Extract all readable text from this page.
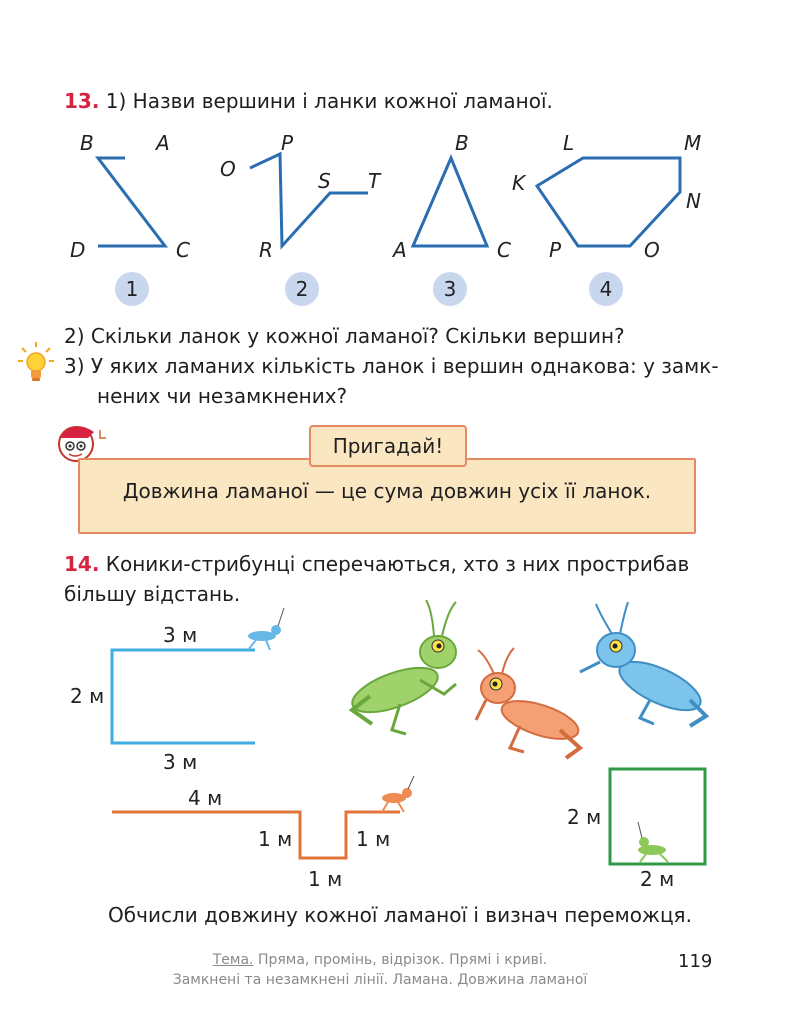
13. 1) Назви вершини і ланки кожної ламаної.
B	A
D	C
O
P
R
S T
B
A	C
L	M
K
N
P	O
1	2	3	4
2) Скільки ланок у кожної ламаної? Скільки вершин?
3) У яких ламаних кількість ланок і вершин однакова: у замк-
нених чи незамкнених?
Пригадай!
Довжина ламаної — це сума довжин усіх її ланок.
14. Коники-стрибунці сперечаються, хто з них прострибав
більшу відстань.
3 м
2 м
3 м
4 м
1 м
1 м
1 м
2 м
2 м
Обчисли довжину кожної ламаної і визнач переможця.
Тема. Пряма, промінь, відрізок. Прямі і криві.
Замкнені та незамкнені лінії. Ламана. Довжина ламаної
119
